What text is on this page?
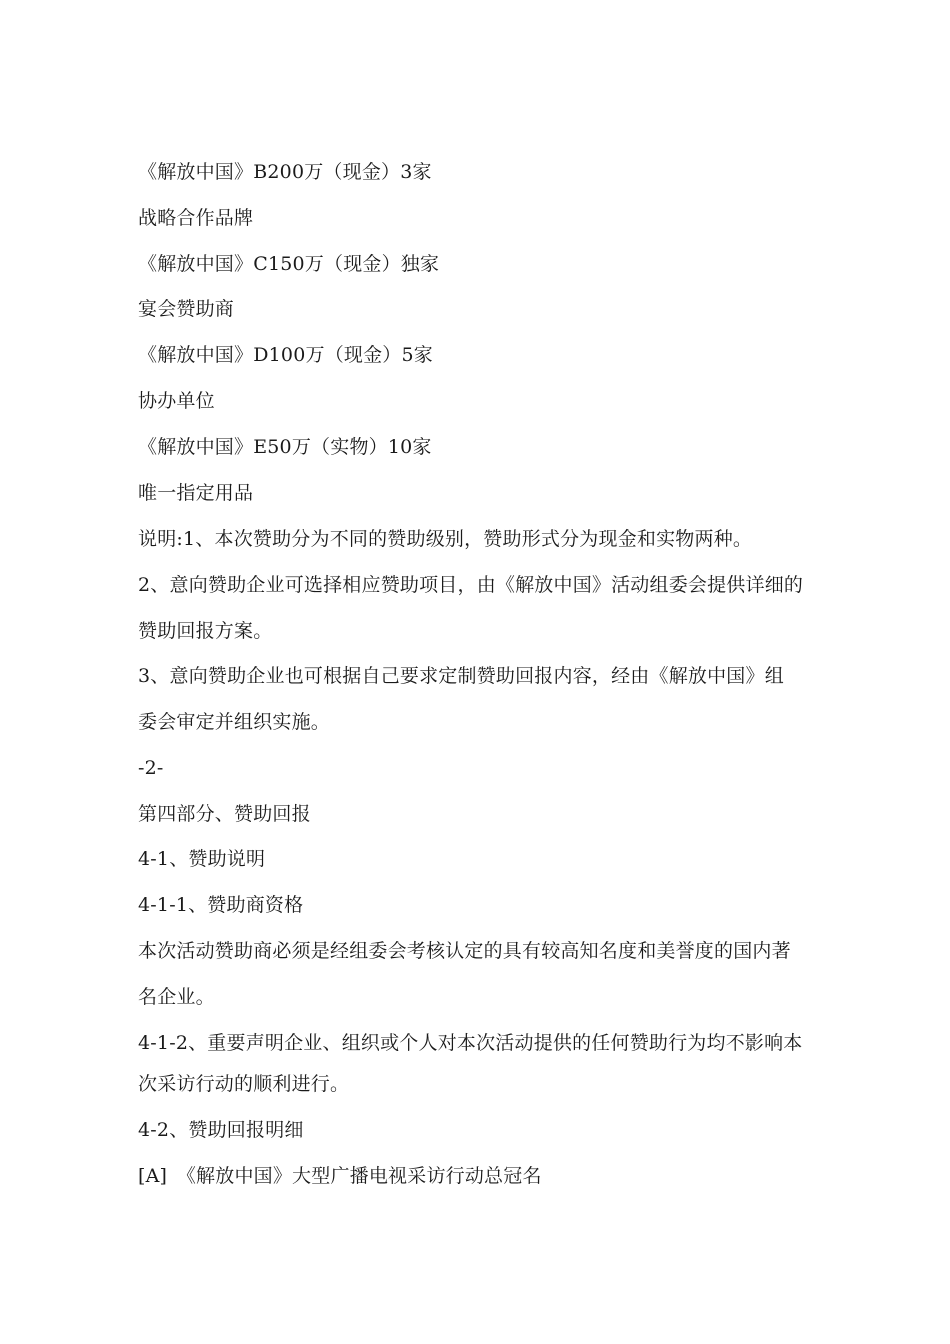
《解放中国》B200万（现金）3家
战略合作品牌
《解放中国》C150万（现金）独家
宴会赞助商
《解放中国》D100万（现金）5家
协办单位
《解放中国》E50万（实物）10家
唯一指定用品
说明:1、本次赞助分为不同的赞助级别，赞助形式分为现金和实物两种。
2、意向赞助企业可选择相应赞助项目，由《解放中国》活动组委会提供详细的
赞助回报方案。
3、意向赞助企业也可根据自己要求定制赞助回报内容，经由《解放中国》组
委会审定并组织实施。
-2-
第四部分、赞助回报
4-1、赞助说明
4-1-1、赞助商资格
本次活动赞助商必须是经组委会考核认定的具有较高知名度和美誉度的国内著
名企业。
4-1-2、重要声明企业、组织或个人对本次活动提供的任何赞助行为均不影响本
次采访行动的顺利进行。
4-2、赞助回报明细
[A]　《解放中国》大型广播电视采访行动总冠名
